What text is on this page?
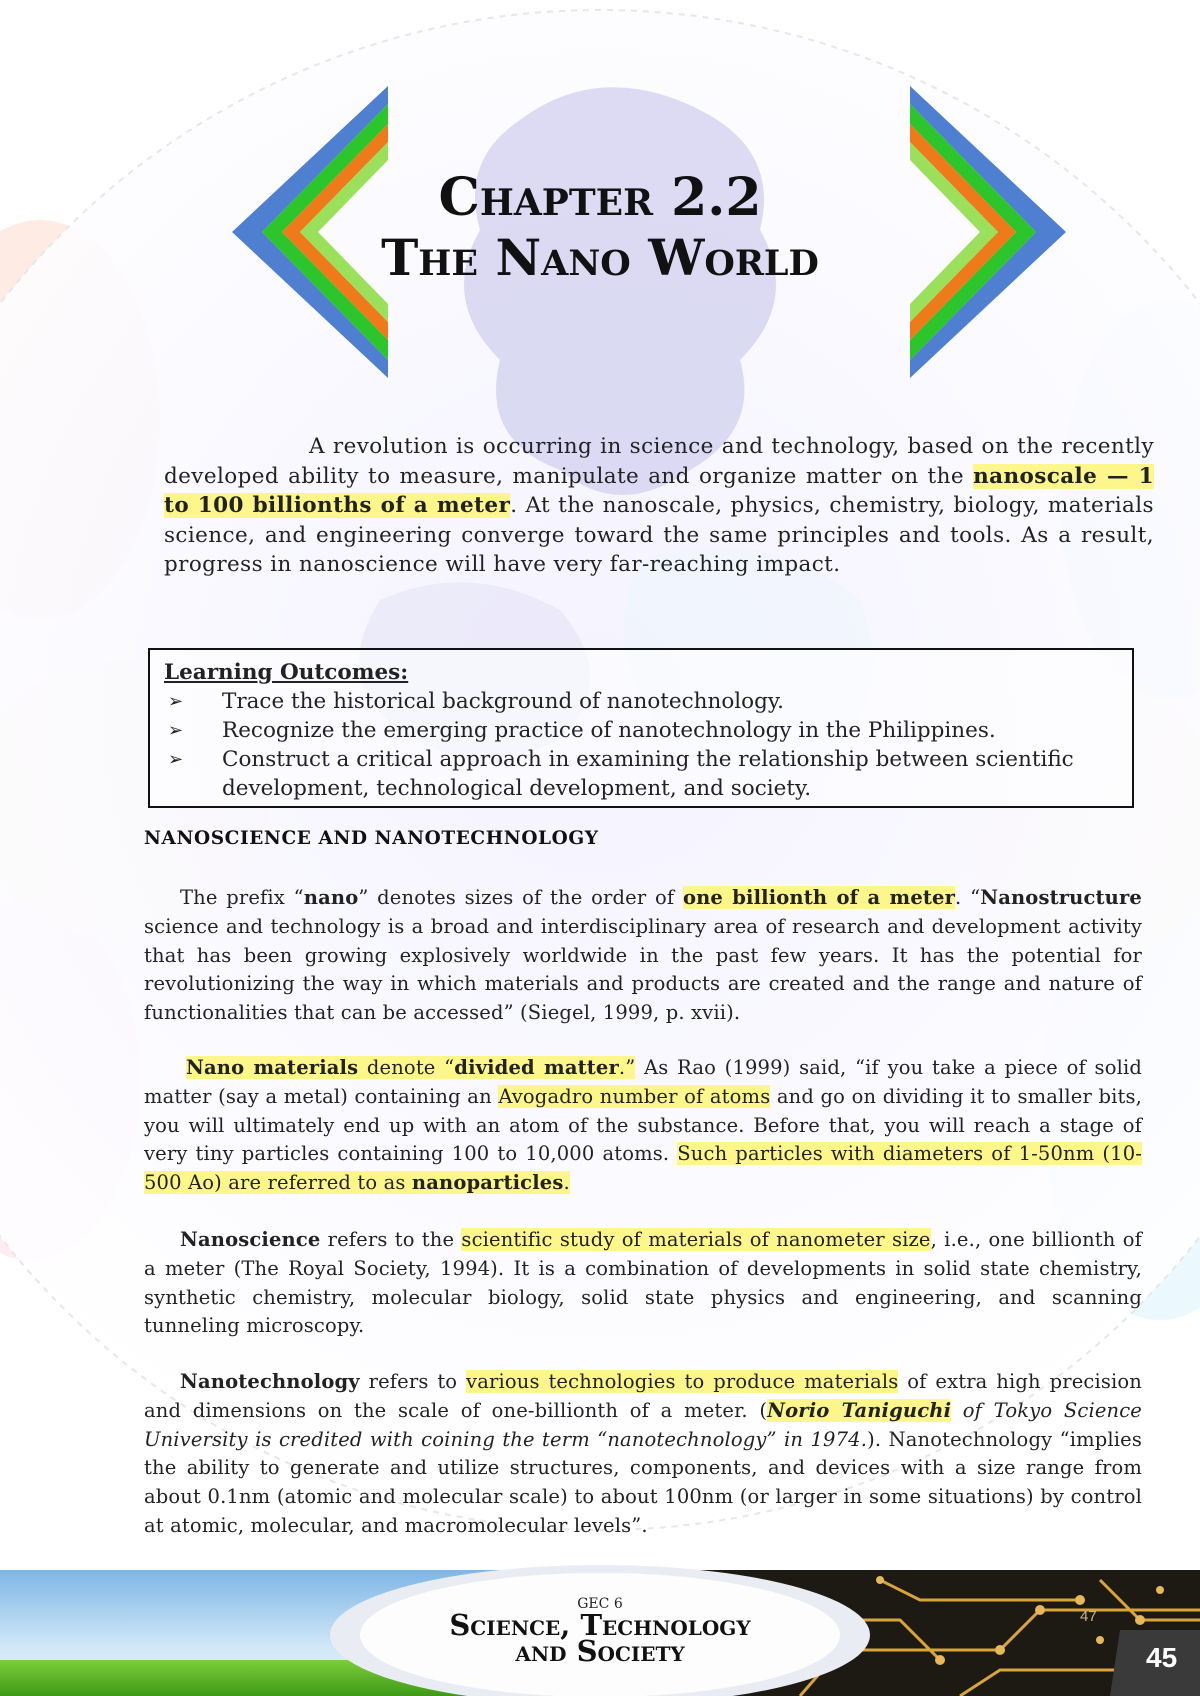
Chapter 2.2
The Nano World
A revolution is occurring in science and technology, based on the recently developed ability to measure, manipulate and organize matter on the nanoscale — 1 to 100 billionths of a meter. At the nanoscale, physics, chemistry, biology, materials science, and engineering converge toward the same principles and tools. As a result, progress in nanoscience will have very far-reaching impact.
Learning Outcomes:
➢ Trace the historical background of nanotechnology.
➢ Recognize the emerging practice of nanotechnology in the Philippines.
➢ Construct a critical approach in examining the relationship between scientific development, technological development, and society.
NANOSCIENCE AND NANOTECHNOLOGY
The prefix “nano” denotes sizes of the order of one billionth of a meter. “Nanostructure science and technology is a broad and interdisciplinary area of research and development activity that has been growing explosively worldwide in the past few years. It has the potential for revolutionizing the way in which materials and products are created and the range and nature of functionalities that can be accessed” (Siegel, 1999, p. xvii).
Nano materials denote “divided matter.” As Rao (1999) said, “if you take a piece of solid matter (say a metal) containing an Avogadro number of atoms and go on dividing it to smaller bits, you will ultimately end up with an atom of the substance. Before that, you will reach a stage of very tiny particles containing 100 to 10,000 atoms. Such particles with diameters of 1-50nm (10-500 Ao) are referred to as nanoparticles.
Nanoscience refers to the scientific study of materials of nanometer size, i.e., one billionth of a meter (The Royal Society, 1994). It is a combination of developments in solid state chemistry, synthetic chemistry, molecular biology, solid state physics and engineering, and scanning tunneling microscopy.
Nanotechnology refers to various technologies to produce materials of extra high precision and dimensions on the scale of one-billionth of a meter. (Norio Taniguchi of Tokyo Science University is credited with coining the term “nanotechnology” in 1974.). Nanotechnology “implies the ability to generate and utilize structures, components, and devices with a size range from about 0.1nm (atomic and molecular scale) to about 100nm (or larger in some situations) by control at atomic, molecular, and macromolecular levels”.
GEC 6
Science, Technology
and Society
47
45
